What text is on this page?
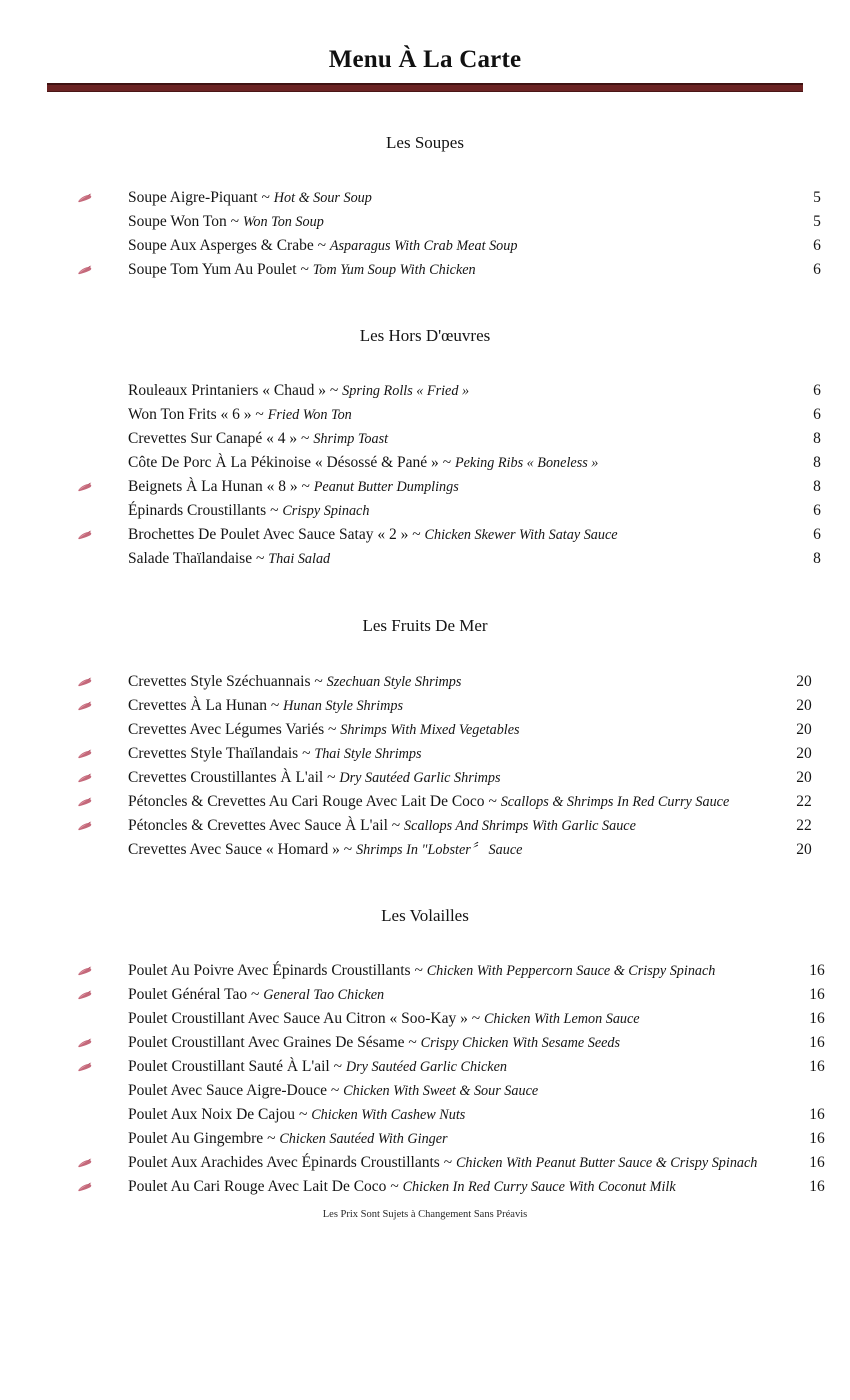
Menu À La Carte
Les Soupes
	Soupe Aigre-Piquant ~ Hot & Sour Soup	5
	Soupe Won Ton ~ Won Ton Soup	5
	Soupe Aux Asperges & Crabe ~ Asparagus With Crab Meat Soup	6

	Soupe Tom Yum Au Poulet ~ Tom Yum Soup With Chicken	6
Les Hors D'œuvres
	Rouleaux Printaniers « Chaud » ~ Spring Rolls « Fried »	6
	Won Ton Frits « 6 » ~ Fried Won Ton	6
	Crevettes Sur Canapé « 4 » ~ Shrimp Toast	8
	Côte De Porc À La Pékinoise « Désossé & Pané » ~ Peking Ribs « Boneless »	8

	Beignets À La Hunan « 8 » ~ Peanut Butter Dumplings	8
	Épinards Croustillants ~ Crispy Spinach	6

	Brochettes De Poulet Avec Sauce Satay « 2 » ~ Chicken Skewer With Satay Sauce	6
	Salade Thaïlandaise ~ Thai Salad	8
Les Fruits De Mer
	Crevettes Style Széchuannais ~ Szechuan Style Shrimps	20

	Crevettes À La Hunan ~ Hunan Style Shrimps	20
	Crevettes Avec Légumes Variés ~ Shrimps With Mixed Vegetables	20

	Crevettes Style Thaïlandais ~ Thai Style Shrimps	20

	Crevettes Croustillantes À L'ail ~ Dry Sautéed Garlic Shrimps	20

	Pétoncles & Crevettes Au Cari Rouge Avec Lait De Coco ~ Scallops & Shrimps In Red Curry Sauce	22

	Pétoncles & Crevettes Avec Sauce À L'ail ~ Scallops And Shrimps With Garlic Sauce	22
	Crevettes Avec Sauce « Homard » ~ Shrimps In "Lobster〞 Sauce	20
Les Volailles
	Poulet Au Poivre Avec Épinards Croustillants ~ Chicken With Peppercorn Sauce & Crispy Spinach	16

	Poulet Général Tao ~ General Tao Chicken	16
	Poulet Croustillant Avec Sauce Au Citron « Soo-Kay » ~ Chicken With Lemon Sauce	16

	Poulet Croustillant Avec Graines De Sésame ~ Crispy Chicken With Sesame Seeds	16

	Poulet Croustillant Sauté À L'ail ~ Dry Sautéed Garlic Chicken	16
	Poulet Avec Sauce Aigre-Douce ~ Chicken With Sweet & Sour Sauce	
	Poulet Aux Noix De Cajou ~ Chicken With Cashew Nuts	16
	Poulet Au Gingembre ~ Chicken Sautéed With Ginger	16

	Poulet Aux Arachides Avec Épinards Croustillants ~ Chicken With Peanut Butter Sauce & Crispy Spinach	16

	Poulet Au Cari Rouge Avec Lait De Coco ~ Chicken In Red Curry Sauce With Coconut Milk	16
Les Prix Sont Sujets à Changement Sans Préavis
